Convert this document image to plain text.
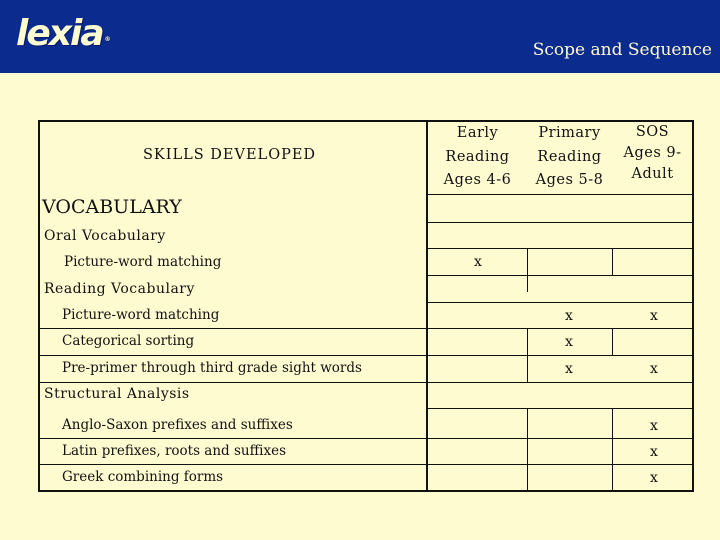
lexia ®
Scope and Sequence
SKILLS DEVELOPED
Early
Reading
Ages 4-6
Primary
Reading
Ages 5-8
SOS
Ages 9-
Adult
VOCABULARY
Oral Vocabulary
Picture-word matching
Reading Vocabulary
Picture-word matching
Categorical sorting
Pre-primer through third grade sight words
Structural Analysis
Anglo-Saxon prefixes and suffixes
Latin prefixes, roots and suffixes
Greek combining forms
x
x	x
x
x	x
x
x
x
